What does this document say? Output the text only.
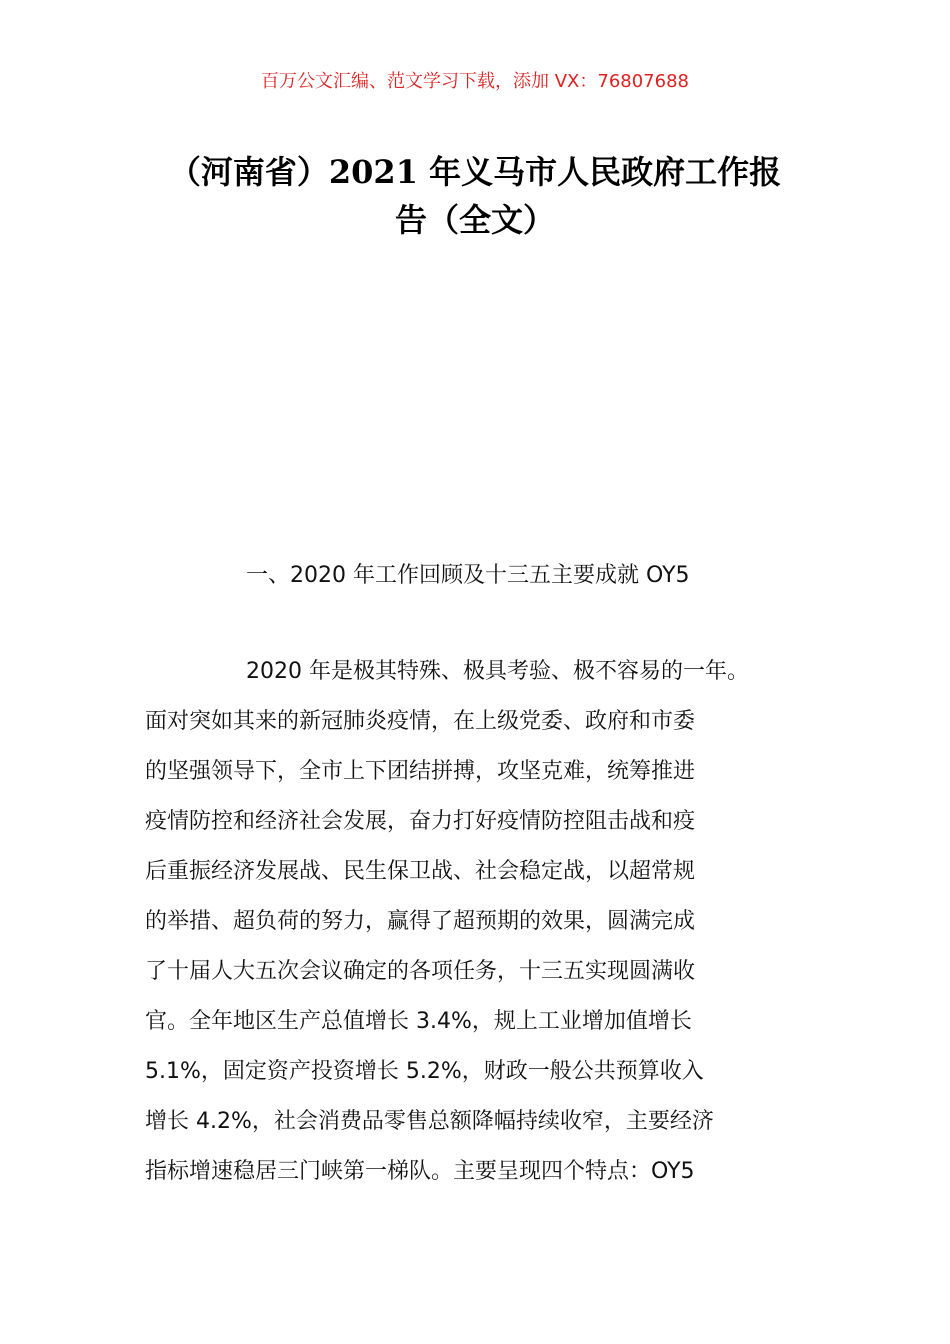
百万公文汇编、范文学习下载，添加 VX：76807688
（河南省）2021 年义马市人民政府工作报
告（全文）
一、2020 年工作回顾及十三五主要成就 OY5
2020 年是极其特殊、极具考验、极不容易的一年。
面对突如其来的新冠肺炎疫情，在上级党委、政府和市委
的坚强领导下，全市上下团结拼搏，攻坚克难，统筹推进
疫情防控和经济社会发展，奋力打好疫情防控阻击战和疫
后重振经济发展战、民生保卫战、社会稳定战，以超常规
的举措、超负荷的努力，赢得了超预期的效果，圆满完成
了十届人大五次会议确定的各项任务，十三五实现圆满收
官。全年地区生产总值增长 3.4%，规上工业增加值增长
5.1%，固定资产投资增长 5.2%，财政一般公共预算收入
增长 4.2%，社会消费品零售总额降幅持续收窄，主要经济
指标增速稳居三门峡第一梯队。主要呈现四个特点：OY5
